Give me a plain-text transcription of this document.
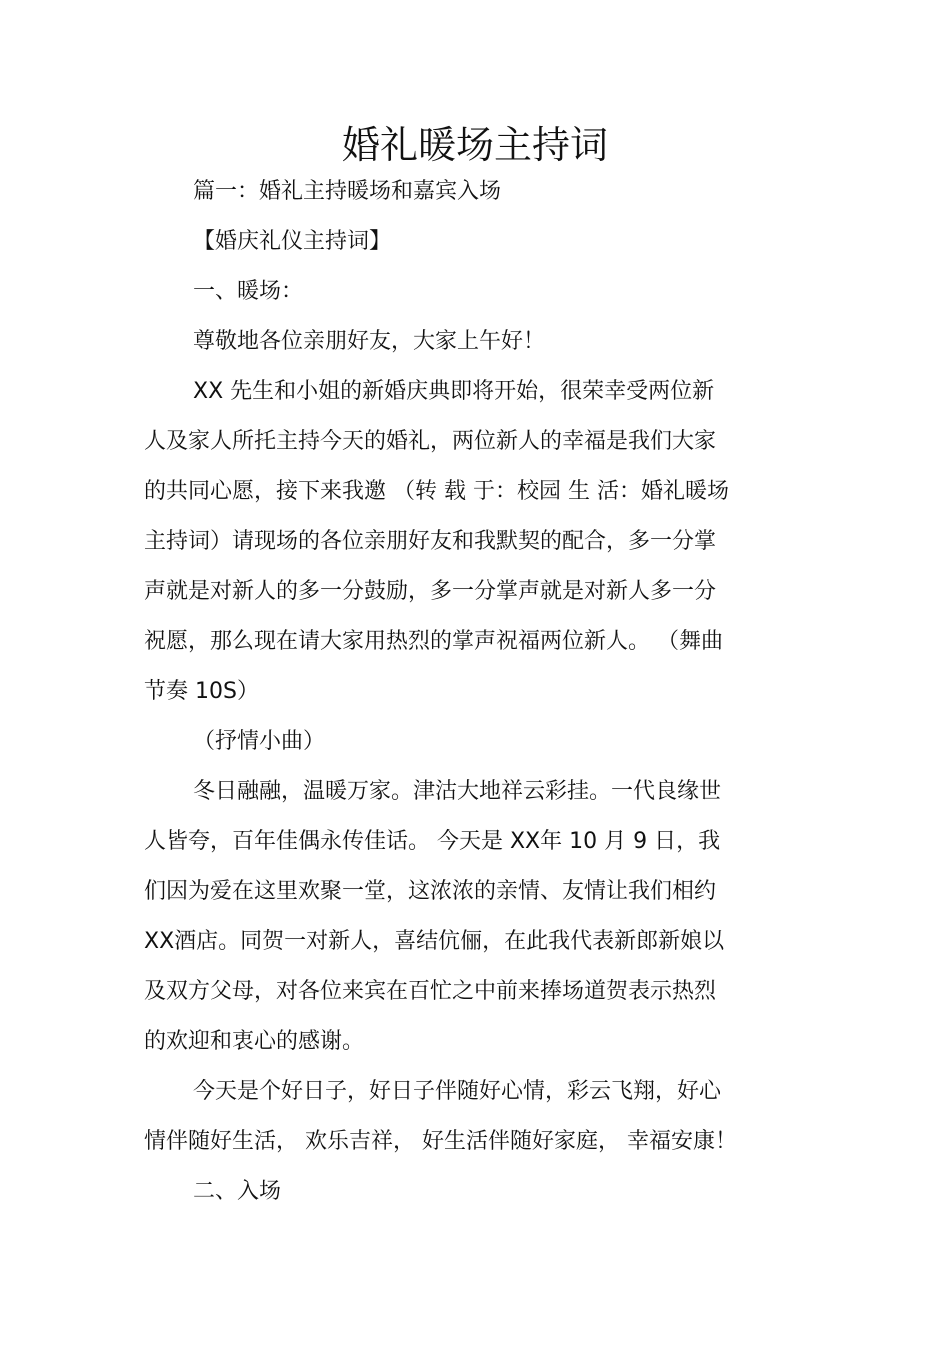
婚礼暖场主持词
篇一：婚礼主持暖场和嘉宾入场
【婚庆礼仪主持词】
一、暖场：
尊敬地各位亲朋好友，大家上午好！
XX 先生和小姐的新婚庆典即将开始，很荣幸受两位新
人及家人所托主持今天的婚礼，两位新人的幸福是我们大家
的共同心愿，接下来我邀 （转 载 于：校园 生 活：婚礼暖场
主持词）请现场的各位亲朋好友和我默契的配合，多一分掌
声就是对新人的多一分鼓励，多一分掌声就是对新人多一分
祝愿，那么现在请大家用热烈的掌声祝福两位新人。 （舞曲
节奏 10S）
（抒情小曲）
冬日融融，温暖万家。津沽大地祥云彩挂。一代良缘世
人皆夸，百年佳偶永传佳话。 今天是 XX年 10 月 9 日，我
们因为爱在这里欢聚一堂，这浓浓的亲情、友情让我们相约
XX酒店。同贺一对新人，喜结伉俪，在此我代表新郎新娘以
及双方父母，对各位来宾在百忙之中前来捧场道贺表示热烈
的欢迎和衷心的感谢。
今天是个好日子，好日子伴随好心情，彩云飞翔，好心
情伴随好生活， 欢乐吉祥， 好生活伴随好家庭， 幸福安康！
二、入场
